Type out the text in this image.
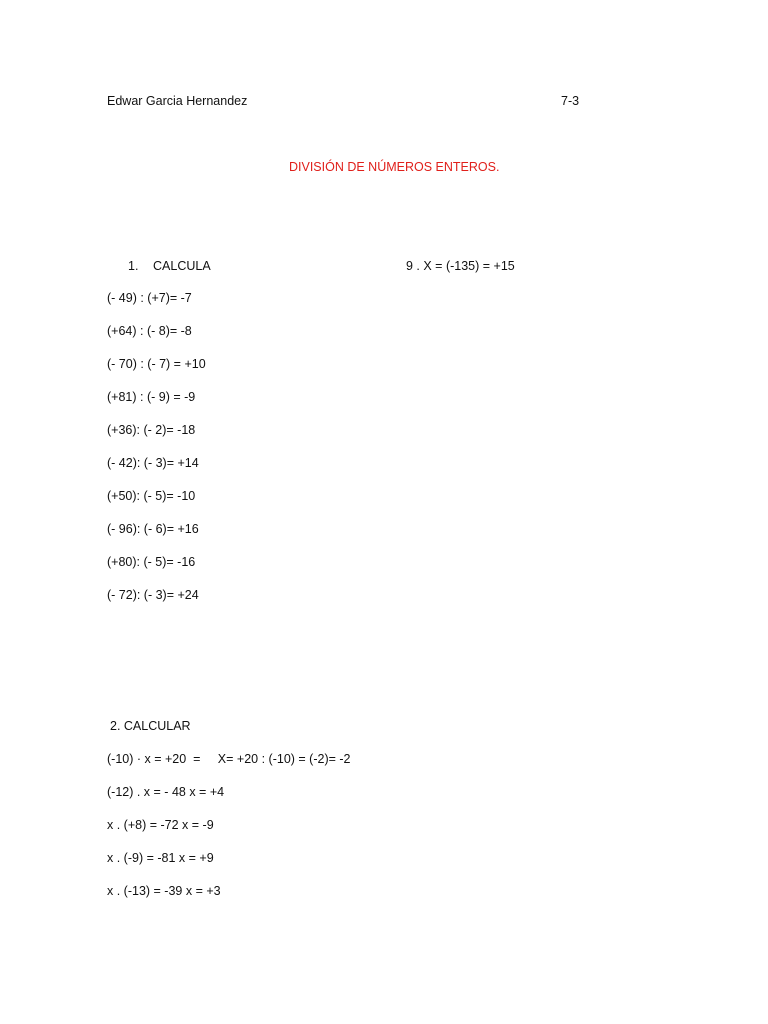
Edwar Garcia Hernandez	7-3
DIVISIÓN DE NÚMEROS ENTEROS.
1. CALCULA	9 . X = (-135) = +15
(- 49) : (+7)= -7
(+64) : (- 8)= -8
(- 70) : (- 7) = +10
(+81) : (- 9) = -9
(+36): (- 2)= -18
(- 42): (- 3)= +14
(+50): (- 5)= -10
(- 96): (- 6)= +16
(+80): (- 5)= -16
(- 72): (- 3)= +24
2. CALCULAR
(-10) · x = +20  =     X= +20 : (-10) = (-2)= -2
(-12) . x = - 48 x = +4
x . (+8) = -72 x = -9
x . (-9) = -81 x = +9
x . (-13) = -39 x = +3
